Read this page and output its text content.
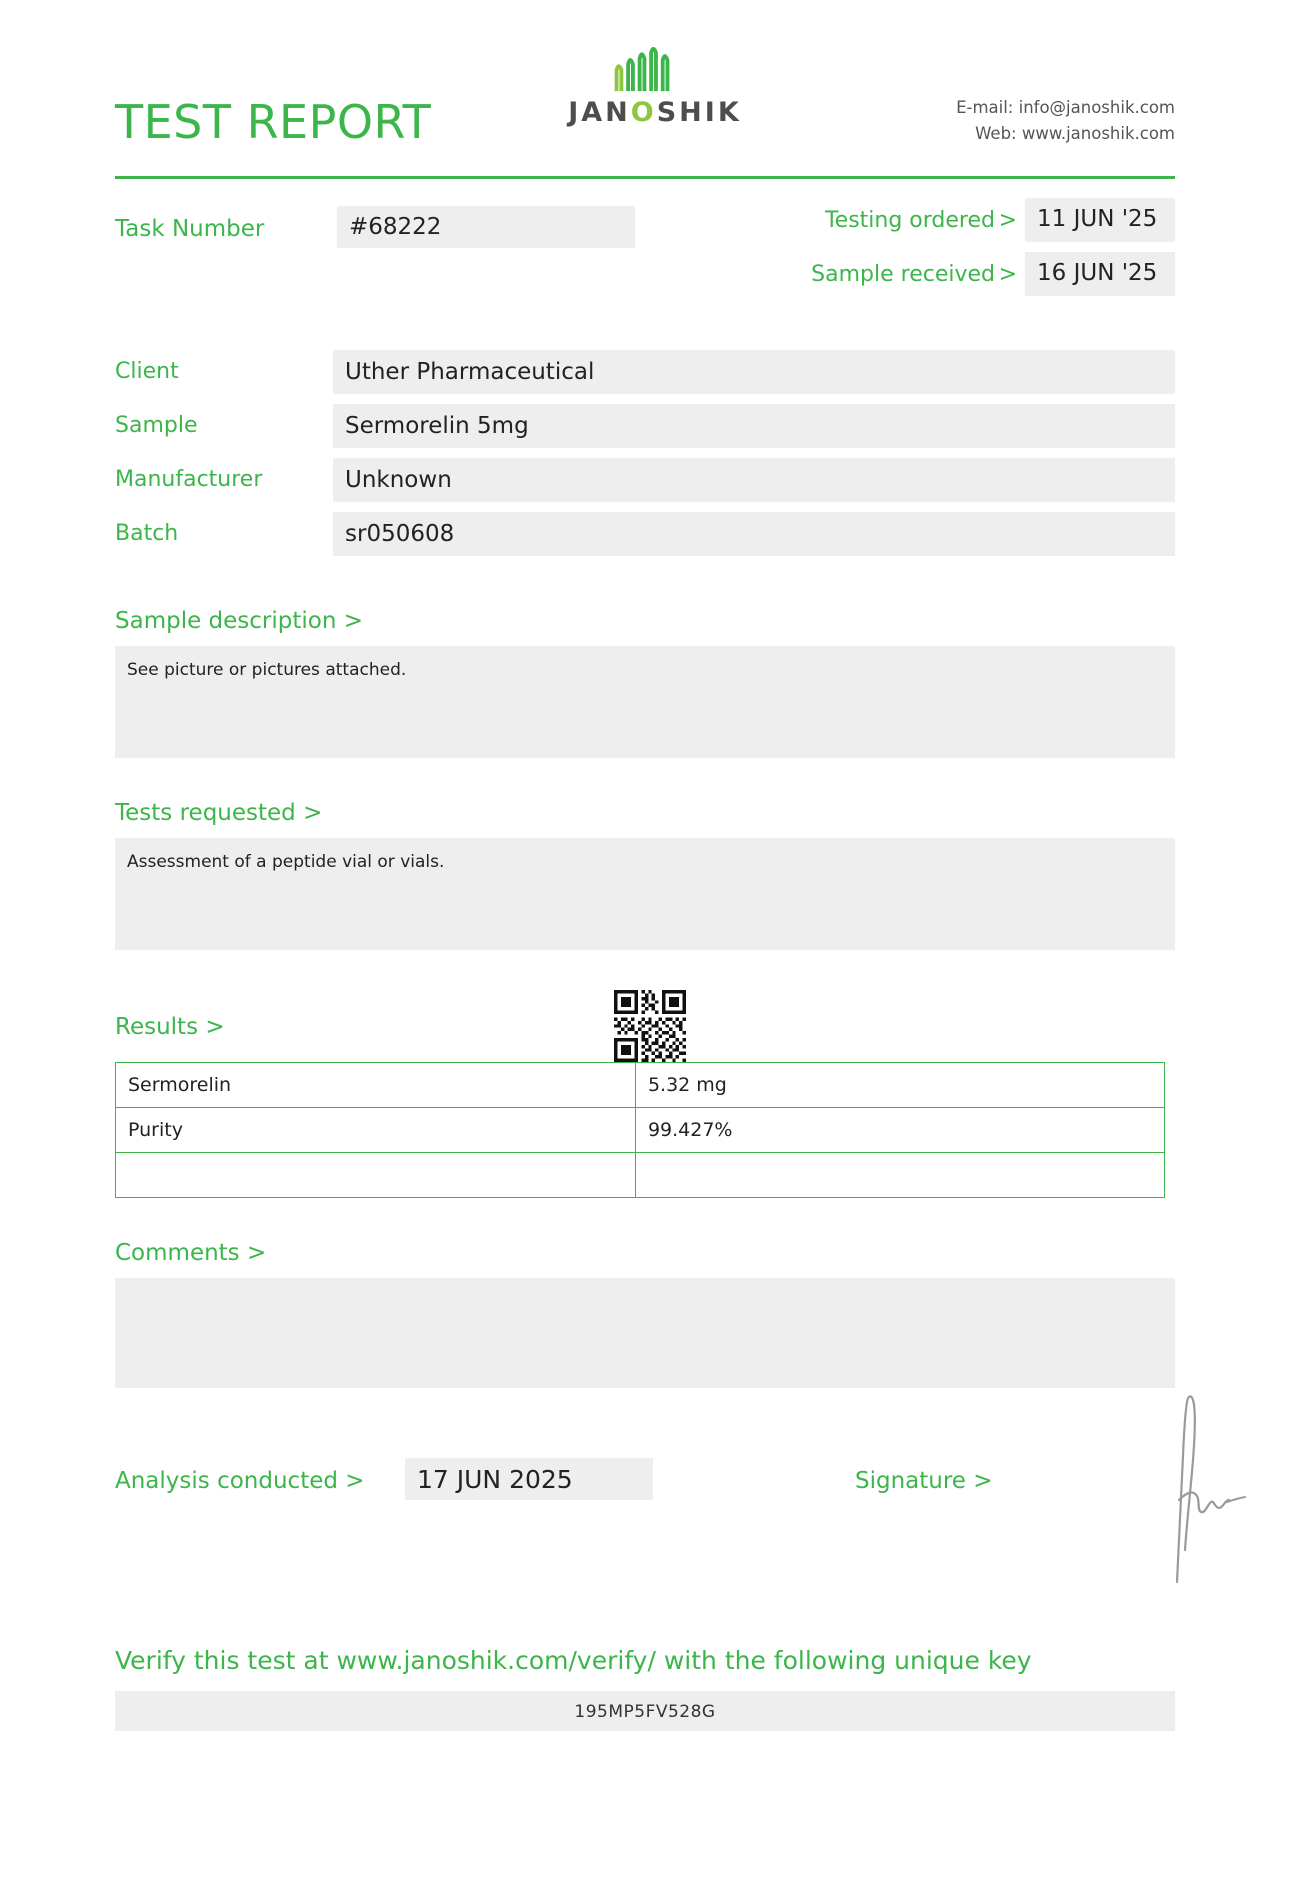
TEST REPORT	JANOSHIK	E-mail: info@janoshik.com
Web: www.janoshik.com
Task Number	#68222	Testing ordered > 11 JUN '25
Sample received > 16 JUN '25
Client	Uther Pharmaceutical
Sample	Sermorelin 5mg
Manufacturer	Unknown
Batch	sr050608
Sample description >
See picture or pictures attached.
Tests requested >
Assessment of a peptide vial or vials.
Results >
Sermorelin	5.32 mg
Purity	99.427%

Comments >
Analysis conducted >	17 JUN 2025	Signature >
Verify this test at www.janoshik.com/verify/ with the following unique key
195MP5FV528G
